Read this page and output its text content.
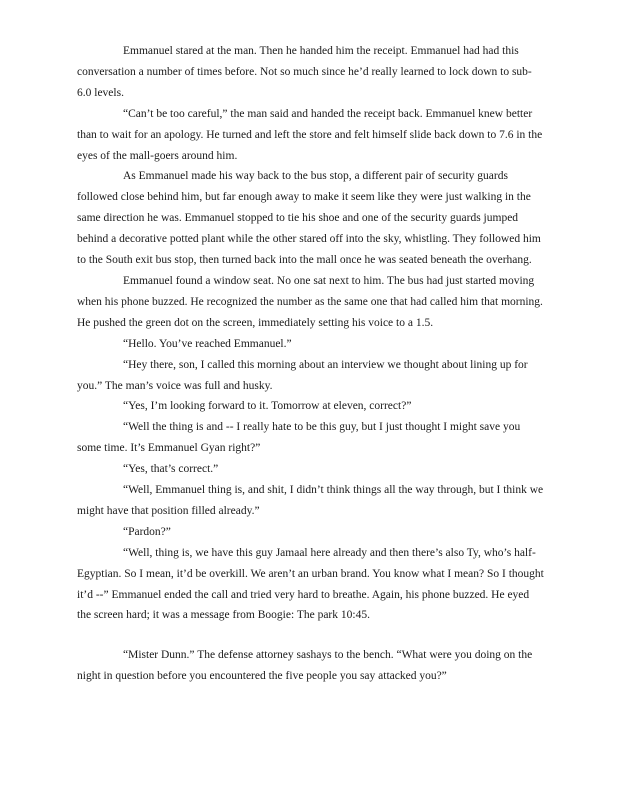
Emmanuel stared at the man. Then he handed him the receipt. Emmanuel had had this conversation a number of times before. Not so much since he’d really learned to lock down to sub-6.0 levels.

“Can’t be too careful,” the man said and handed the receipt back. Emmanuel knew better than to wait for an apology. He turned and left the store and felt himself slide back down to 7.6 in the eyes of the mall-goers around him.

As Emmanuel made his way back to the bus stop, a different pair of security guards followed close behind him, but far enough away to make it seem like they were just walking in the same direction he was. Emmanuel stopped to tie his shoe and one of the security guards jumped behind a decorative potted plant while the other stared off into the sky, whistling. They followed him to the South exit bus stop, then turned back into the mall once he was seated beneath the overhang.

Emmanuel found a window seat. No one sat next to him. The bus had just started moving when his phone buzzed. He recognized the number as the same one that had called him that morning. He pushed the green dot on the screen, immediately setting his voice to a 1.5.

“Hello. You’ve reached Emmanuel.”

“Hey there, son, I called this morning about an interview we thought about lining up for you.” The man’s voice was full and husky.

“Yes, I’m looking forward to it. Tomorrow at eleven, correct?”

“Well the thing is and -- I really hate to be this guy, but I just thought I might save you some time. It’s Emmanuel Gyan right?”

“Yes, that’s correct.”

“Well, Emmanuel thing is, and shit, I didn’t think things all the way through, but I think we might have that position filled already.”

“Pardon?”

“Well, thing is, we have this guy Jamaal here already and then there’s also Ty, who’s half-Egyptian. So I mean, it’d be overkill. We aren’t an urban brand. You know what I mean? So I thought it’d --” Emmanuel ended the call and tried very hard to breathe. Again, his phone buzzed. He eyed the screen hard; it was a message from Boogie: The park 10:45.

“Mister Dunn.” The defense attorney sashays to the bench. “What were you doing on the night in question before you encountered the five people you say attacked you?”
